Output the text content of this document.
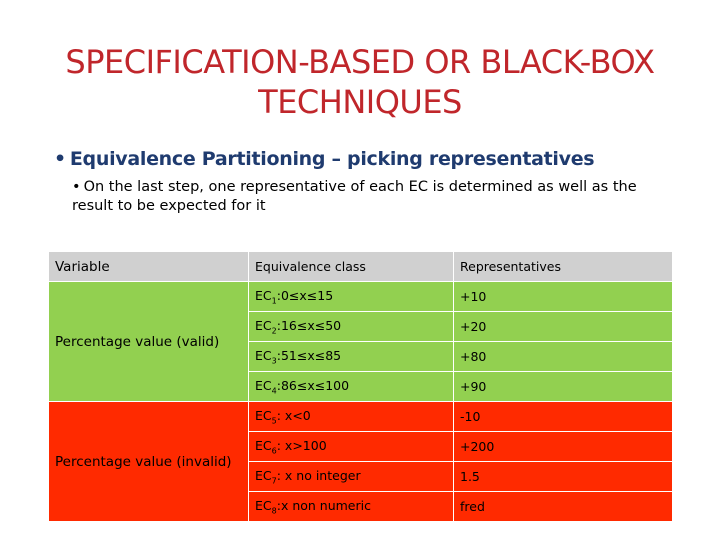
SPECIFICATION-BASED OR BLACK-BOX
TECHNIQUES
• Equivalence Partitioning – picking representatives
• On the last step, one representative of each EC is determined as well as the result to be expected for it
Variable	Equivalence class	Representatives
Percentage value (valid)	$EC_1:0\le x\le 15$	+10
	$EC_2:16\le x\le 50$	+20
	$EC_3:51\le x\le 85$	+80
	$EC_4:86\le x\le 100$	+90
Percentage value (invalid)	$EC_5$: x<0	-10
	$EC_6$: x>100	+200
	$EC_7$: x no integer	1.5
	$EC_8:x$ non numeric	fred
